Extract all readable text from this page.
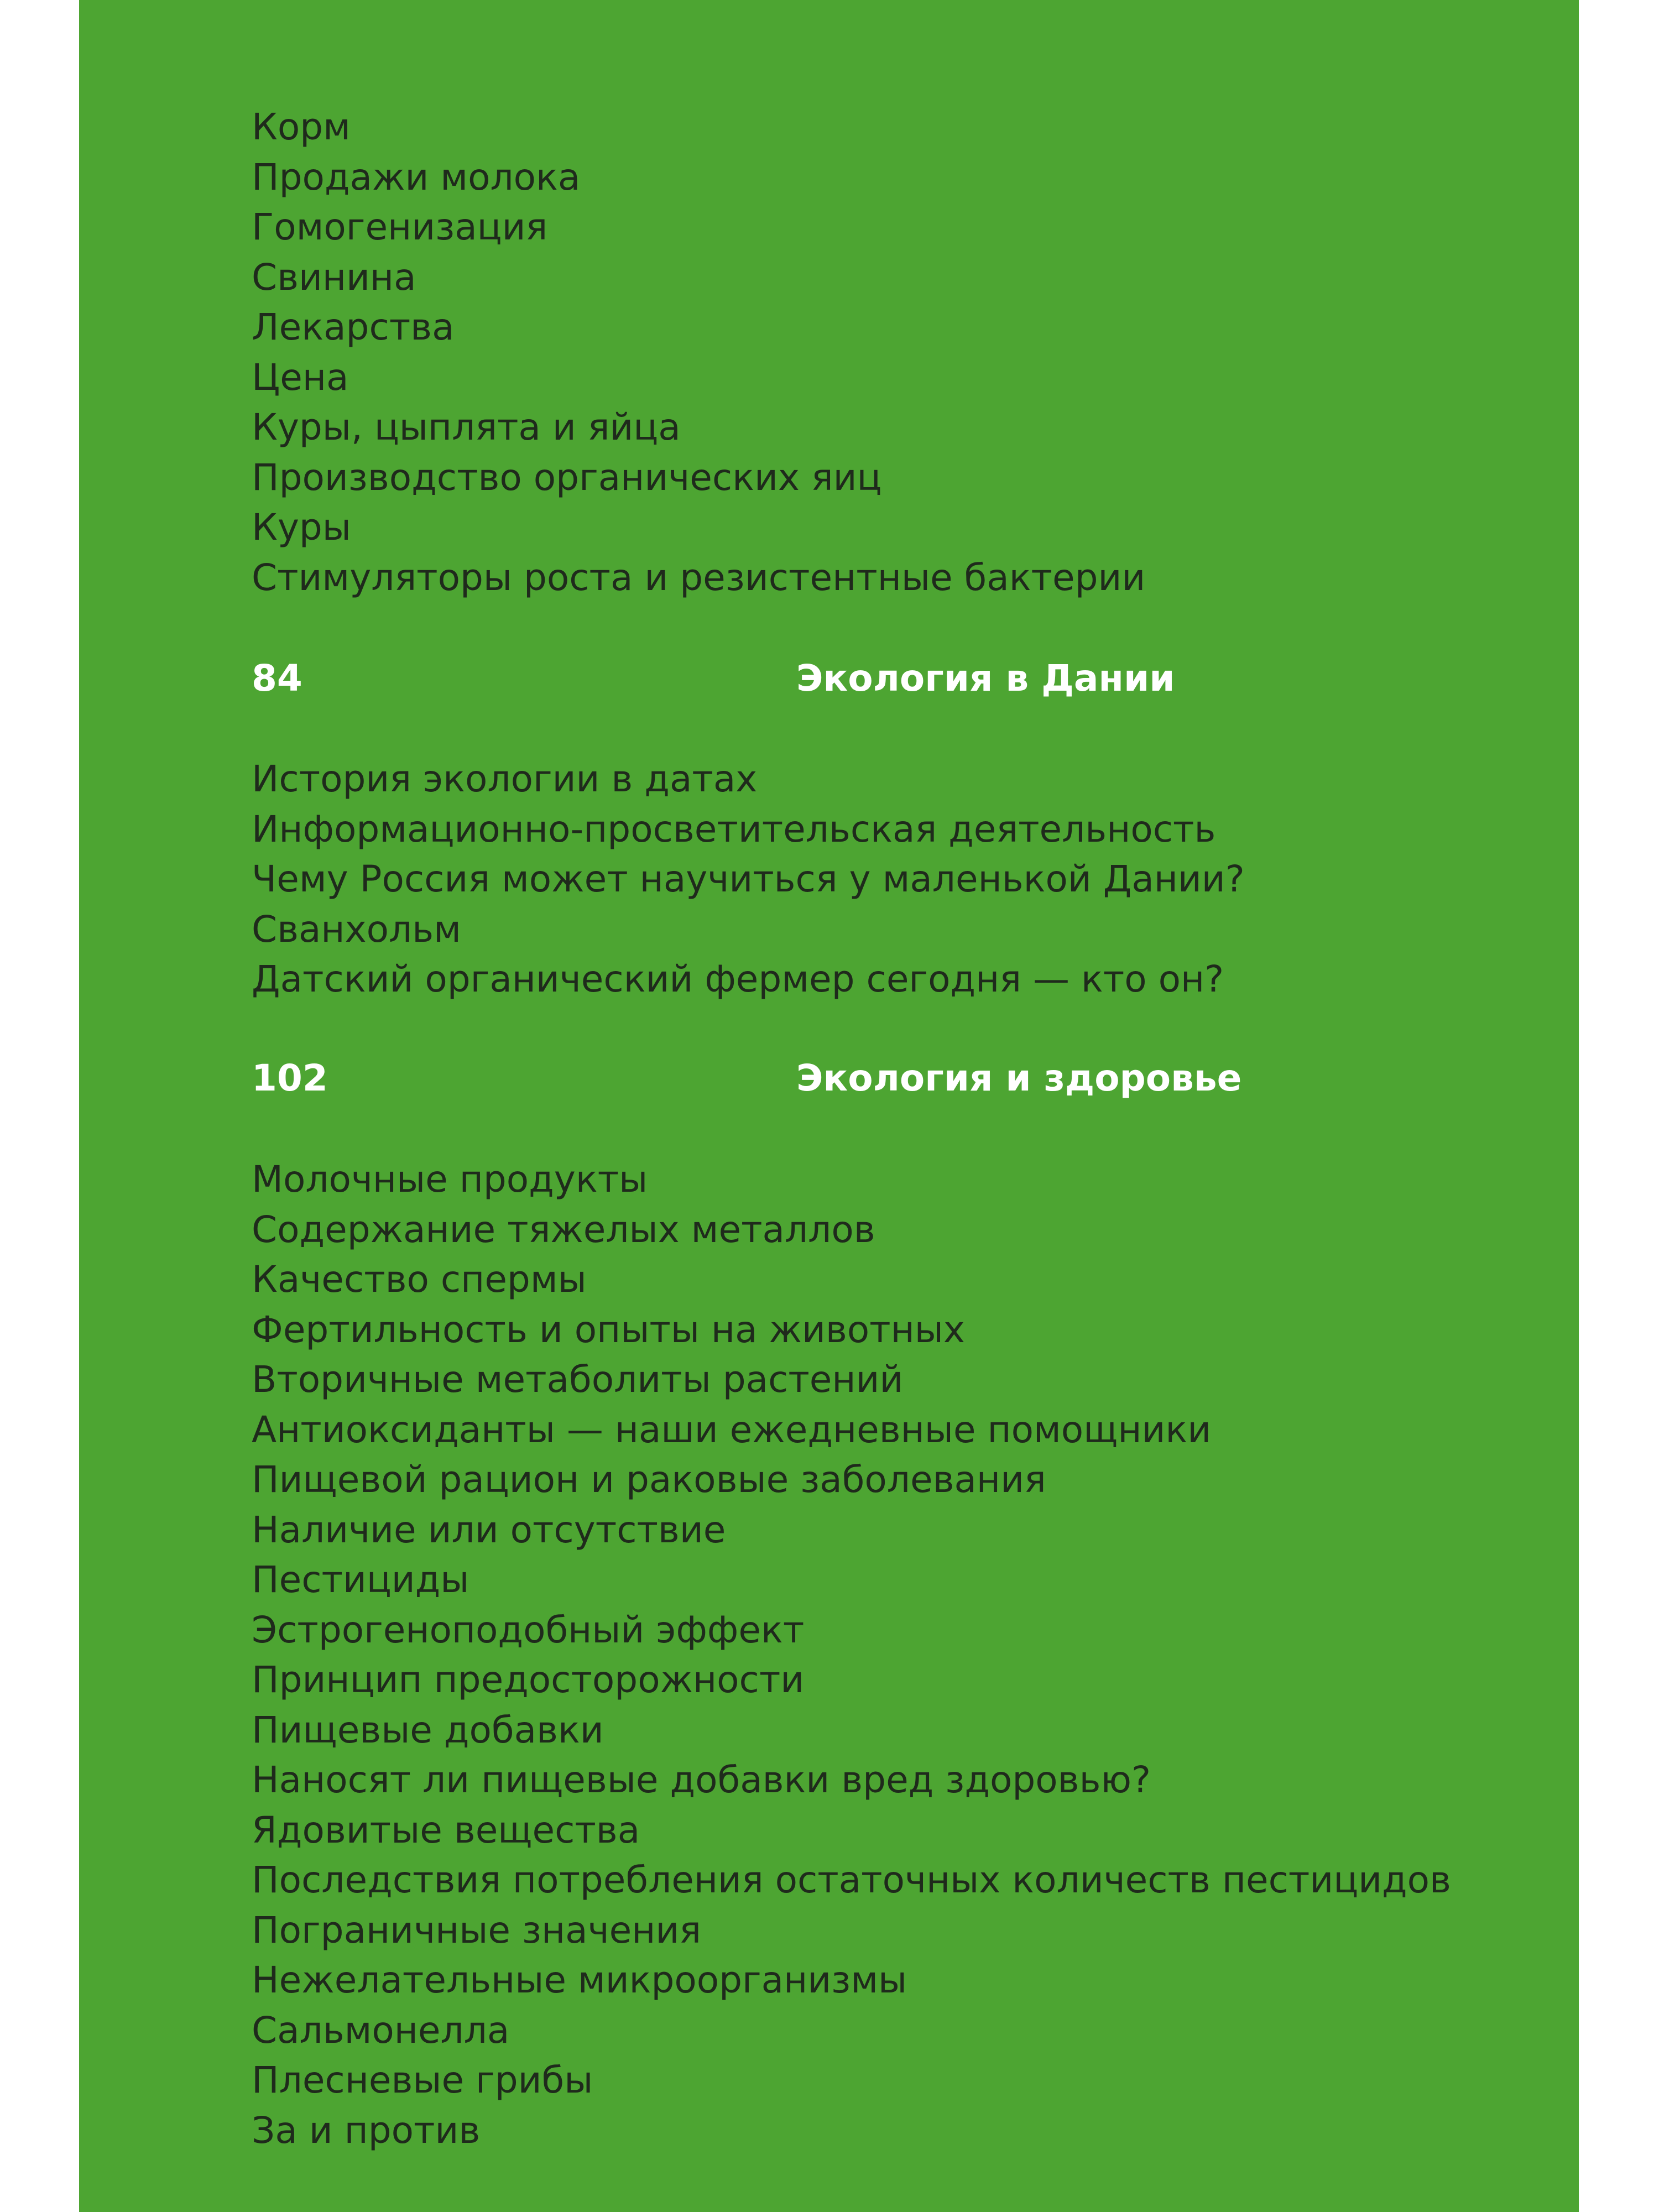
Корм
Продажи молока
Гомогенизация
Свинина
Лекарства
Цена
Куры, цыплята и яйца
Производство органических яиц
Куры
Стимуляторы роста и резистентные бактерии
84	Экология в Дании
История экологии в датах
Информационно-просветительская деятельность
Чему Россия может научиться у маленькой Дании?
Сванхольм
Датский органический фермер сегодня — кто он?
102	Экология и здоровье
Молочные продукты
Содержание тяжелых металлов
Качество спермы
Фертильность и опыты на животных
Вторичные метаболиты растений
Антиоксиданты — наши ежедневные помощники
Пищевой рацион и раковые заболевания
Наличие или отсутствие
Пестициды
Эстрогеноподобный эффект
Принцип предосторожности
Пищевые добавки
Наносят ли пищевые добавки вред здоровью?
Ядовитые вещества
Последствия потребления остаточных количеств пестицидов
Пограничные значения
Нежелательные микроорганизмы
Сальмонелла
Плесневые грибы
За и против
